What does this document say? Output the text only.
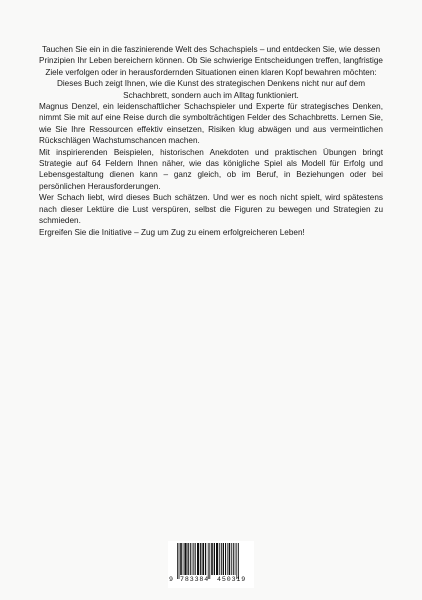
Tauchen Sie ein in die faszinierende Welt des Schachspiels – und entdecken Sie, wie dessen Prinzipien Ihr Leben bereichern können. Ob Sie schwierige Entscheidungen treffen, langfristige Ziele verfolgen oder in herausfordernden Situationen einen klaren Kopf bewahren möchten: Dieses Buch zeigt Ihnen, wie die Kunst des strategischen Denkens nicht nur auf dem Schachbrett, sondern auch im Alltag funktioniert.

Magnus Denzel, ein leidenschaftlicher Schachspieler und Experte für strategisches Denken, nimmt Sie mit auf eine Reise durch die symbolträchtigen Felder des Schachbretts. Lernen Sie, wie Sie Ihre Ressourcen effektiv einsetzen, Risiken klug abwägen und aus vermeintlichen Rückschlägen Wachstumschancen machen.

Mit inspirierenden Beispielen, historischen Anekdoten und praktischen Übungen bringt Strategie auf 64 Feldern Ihnen näher, wie das königliche Spiel als Modell für Erfolg und Lebensgestaltung dienen kann – ganz gleich, ob im Beruf, in Beziehungen oder bei persönlichen Herausforderungen.

Wer Schach liebt, wird dieses Buch schätzen. Und wer es noch nicht spielt, wird spätestens nach dieser Lektüre die Lust verspüren, selbst die Figuren zu bewegen und Strategien zu schmieden.

Ergreifen Sie die Initiative – Zug um Zug zu einem erfolgreicheren Leben!

9 783384 450319
